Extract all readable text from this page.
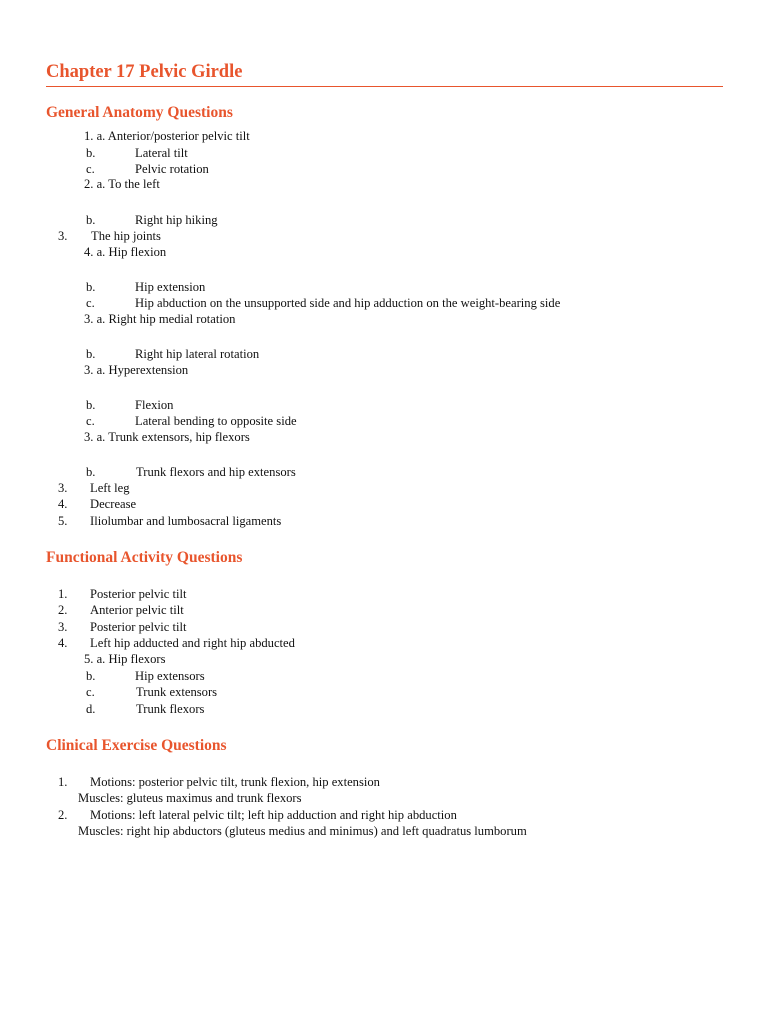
Chapter 17 Pelvic Girdle
General Anatomy Questions
1. a. Anterior/posterior pelvic tilt
b.	Lateral tilt
c.	Pelvic rotation
2. a. To the left
b.	Right hip hiking
3. The hip joints
4. a. Hip flexion
b.	Hip extension
c.	Hip abduction on the unsupported side and hip adduction on the weight-bearing side
3. a. Right hip medial rotation
b.	Right hip lateral rotation
3. a. Hyperextension
b.	Flexion
c.	Lateral bending to opposite side
3. a. Trunk extensors, hip flexors
b.	Trunk flexors and hip extensors
3. Left leg
4. Decrease
5. Iliolumbar and lumbosacral ligaments
Functional Activity Questions
1. Posterior pelvic tilt
2. Anterior pelvic tilt
3. Posterior pelvic tilt
4. Left hip adducted and right hip abducted
5. a. Hip flexors
b.	Hip extensors
c.	Trunk extensors
d.	Trunk flexors
Clinical Exercise Questions
1. Motions: posterior pelvic tilt, trunk flexion, hip extension
Muscles: gluteus maximus and trunk flexors
2. Motions: left lateral pelvic tilt; left hip adduction and right hip abduction
Muscles: right hip abductors (gluteus medius and minimus) and left quadratus lumborum
